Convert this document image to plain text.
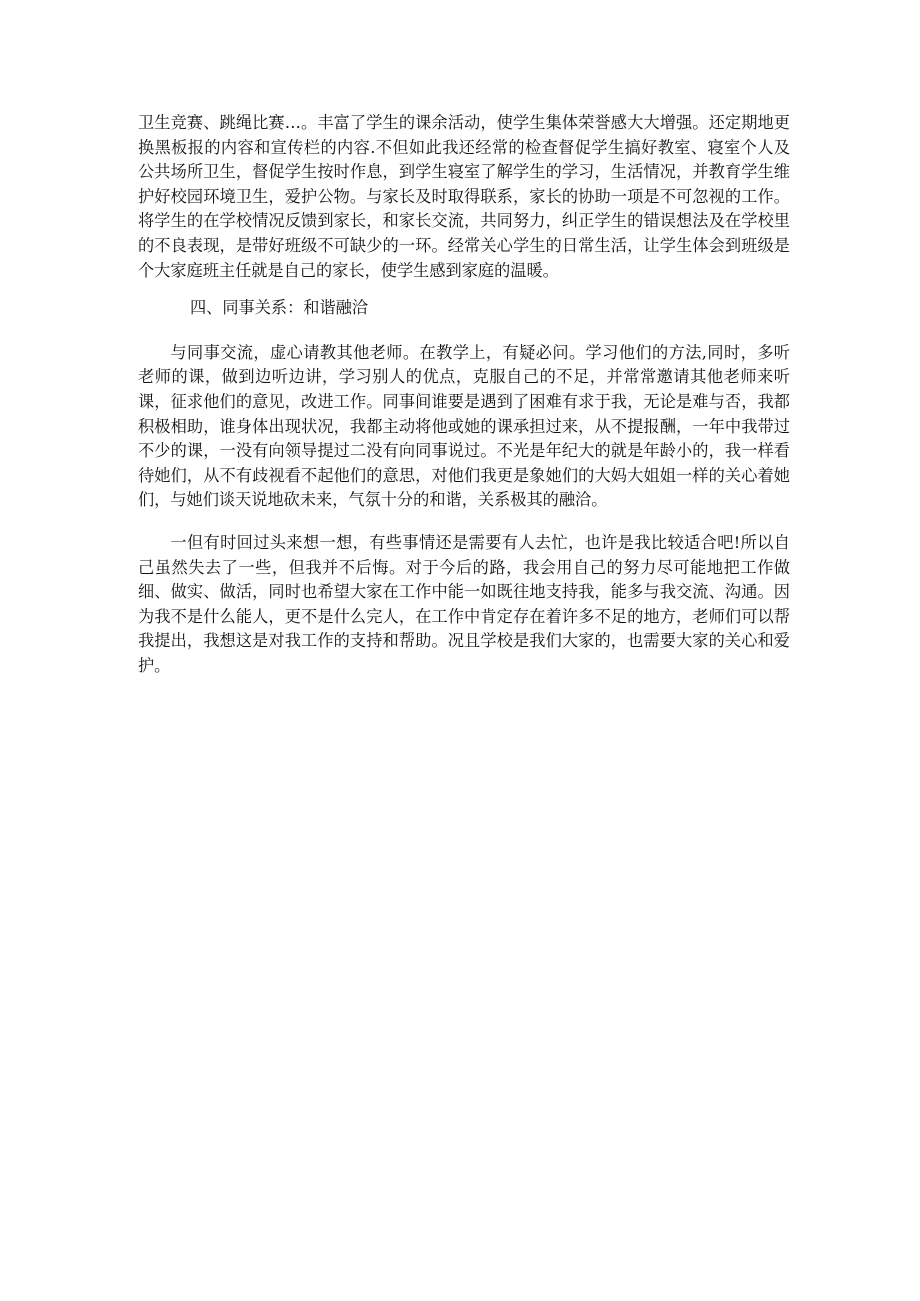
卫生竞赛、跳绳比赛…。丰富了学生的课余活动，使学生集体荣誉感大大增强。还定期地更换黑板报的内容和宣传栏的内容.不但如此我还经常的检查督促学生搞好教室、寝室个人及公共场所卫生，督促学生按时作息，到学生寝室了解学生的学习，生活情况，并教育学生维护好校园环境卫生，爱护公物。与家长及时取得联系，家长的协助一项是不可忽视的工作。将学生的在学校情况反馈到家长，和家长交流，共同努力，纠正学生的错误想法及在学校里的不良表现，是带好班级不可缺少的一环。经常关心学生的日常生活，让学生体会到班级是个大家庭班主任就是自己的家长，使学生感到家庭的温暖。

四、同事关系：和谐融洽

与同事交流，虚心请教其他老师。在教学上，有疑必问。学习他们的方法,同时，多听老师的课，做到边听边讲，学习别人的优点，克服自己的不足，并常常邀请其他老师来听课，征求他们的意见，改进工作。同事间谁要是遇到了困难有求于我，无论是难与否，我都积极相助，谁身体出现状况，我都主动将他或她的课承担过来，从不提报酬，一年中我带过不少的课，一没有向领导提过二没有向同事说过。不光是年纪大的就是年龄小的，我一样看待她们，从不有歧视看不起他们的意思，对他们我更是象她们的大妈大姐姐一样的关心着她们，与她们谈天说地砍未来，气氛十分的和谐，关系极其的融洽。

一但有时回过头来想一想，有些事情还是需要有人去忙，也许是我比较适合吧!所以自己虽然失去了一些，但我并不后悔。对于今后的路，我会用自己的努力尽可能地把工作做细、做实、做活，同时也希望大家在工作中能一如既往地支持我，能多与我交流、沟通。因为我不是什么能人，更不是什么完人，在工作中肯定存在着许多不足的地方，老师们可以帮我提出，我想这是对我工作的支持和帮助。况且学校是我们大家的，也需要大家的关心和爱护。
